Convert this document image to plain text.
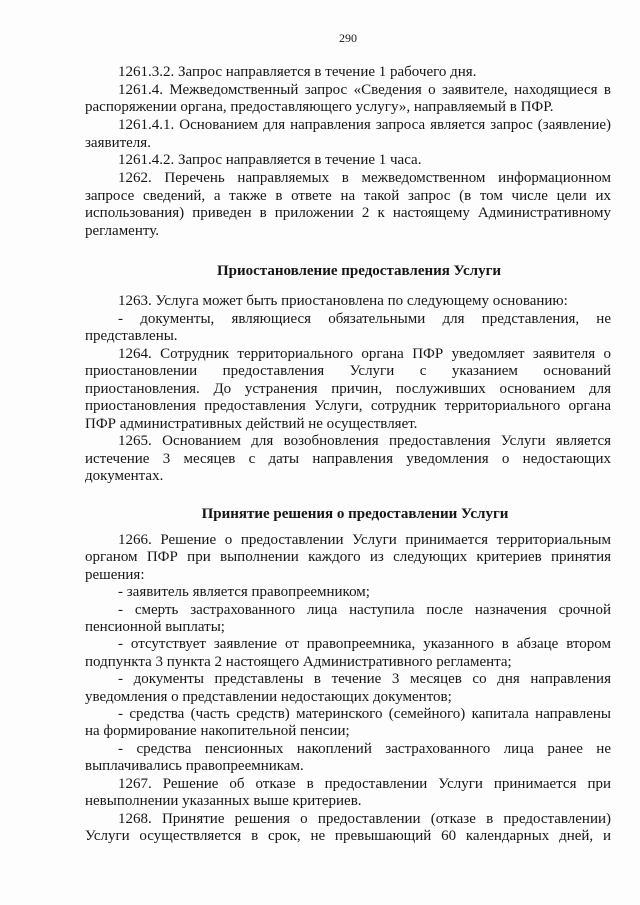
290
1261.3.2. Запрос направляется в течение 1 рабочего дня.
1261.4. Межведомственный запрос «Сведения о заявителе, находящиеся в
распоряжении органа, предоставляющего услугу», направляемый в ПФР.
1261.4.1. Основанием для направления запроса является запрос (заявление)
заявителя.
1261.4.2. Запрос направляется в течение 1 часа.
1262. Перечень направляемых в межведомственном информационном
запросе сведений, а также в ответе на такой запрос (в том числе цели их
использования) приведен в приложении 2 к настоящему Административному
регламенту.
Приостановление предоставления Услуги
1263. Услуга может быть приостановлена по следующему основанию:
- документы, являющиеся обязательными для представления, не
представлены.
1264. Сотрудник территориального органа ПФР уведомляет заявителя о
приостановлении предоставления Услуги с указанием оснований
приостановления. До устранения причин, послуживших основанием для
приостановления предоставления Услуги, сотрудник территориального органа
ПФР административных действий не осуществляет.
1265. Основанием для возобновления предоставления Услуги является
истечение 3 месяцев с даты направления уведомления о недостающих
документах.
Принятие решения о предоставлении Услуги
1266. Решение о предоставлении Услуги принимается территориальным
органом ПФР при выполнении каждого из следующих критериев принятия
решения:
- заявитель является правопреемником;
- смерть застрахованного лица наступила после назначения срочной
пенсионной выплаты;
- отсутствует заявление от правопреемника, указанного в абзаце втором
подпункта 3 пункта 2 настоящего Административного регламента;
- документы представлены в течение 3 месяцев со дня направления
уведомления о представлении недостающих документов;
- средства (часть средств) материнского (семейного) капитала направлены
на формирование накопительной пенсии;
- средства пенсионных накоплений застрахованного лица ранее не
выплачивались правопреемникам.
1267. Решение об отказе в предоставлении Услуги принимается при
невыполнении указанных выше критериев.
1268. Принятие решения о предоставлении (отказе в предоставлении)
Услуги осуществляется в срок, не превышающий 60 календарных дней, и
